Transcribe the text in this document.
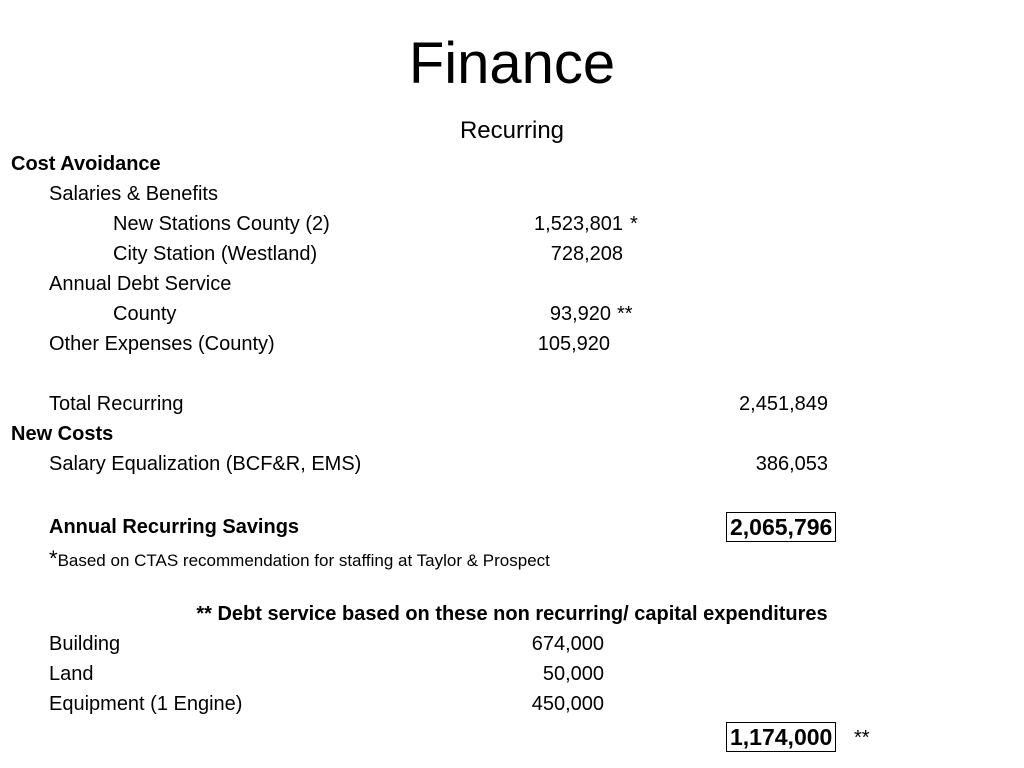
Finance
Recurring
Cost Avoidance
Salaries & Benefits
New Stations County (2)	1,523,801 *
City Station (Westland)	728,208
Annual Debt Service
County	93,920 **
Other Expenses (County)	105,920
Total Recurring	2,451,849
New Costs
Salary Equalization (BCF&R, EMS)	386,053
Annual Recurring Savings	2,065,796
*Based on CTAS recommendation for staffing at Taylor & Prospect
** Debt service based on these non recurring/ capital expenditures
Building	674,000
Land	50,000
Equipment (1 Engine)	450,000
1,174,000 **
